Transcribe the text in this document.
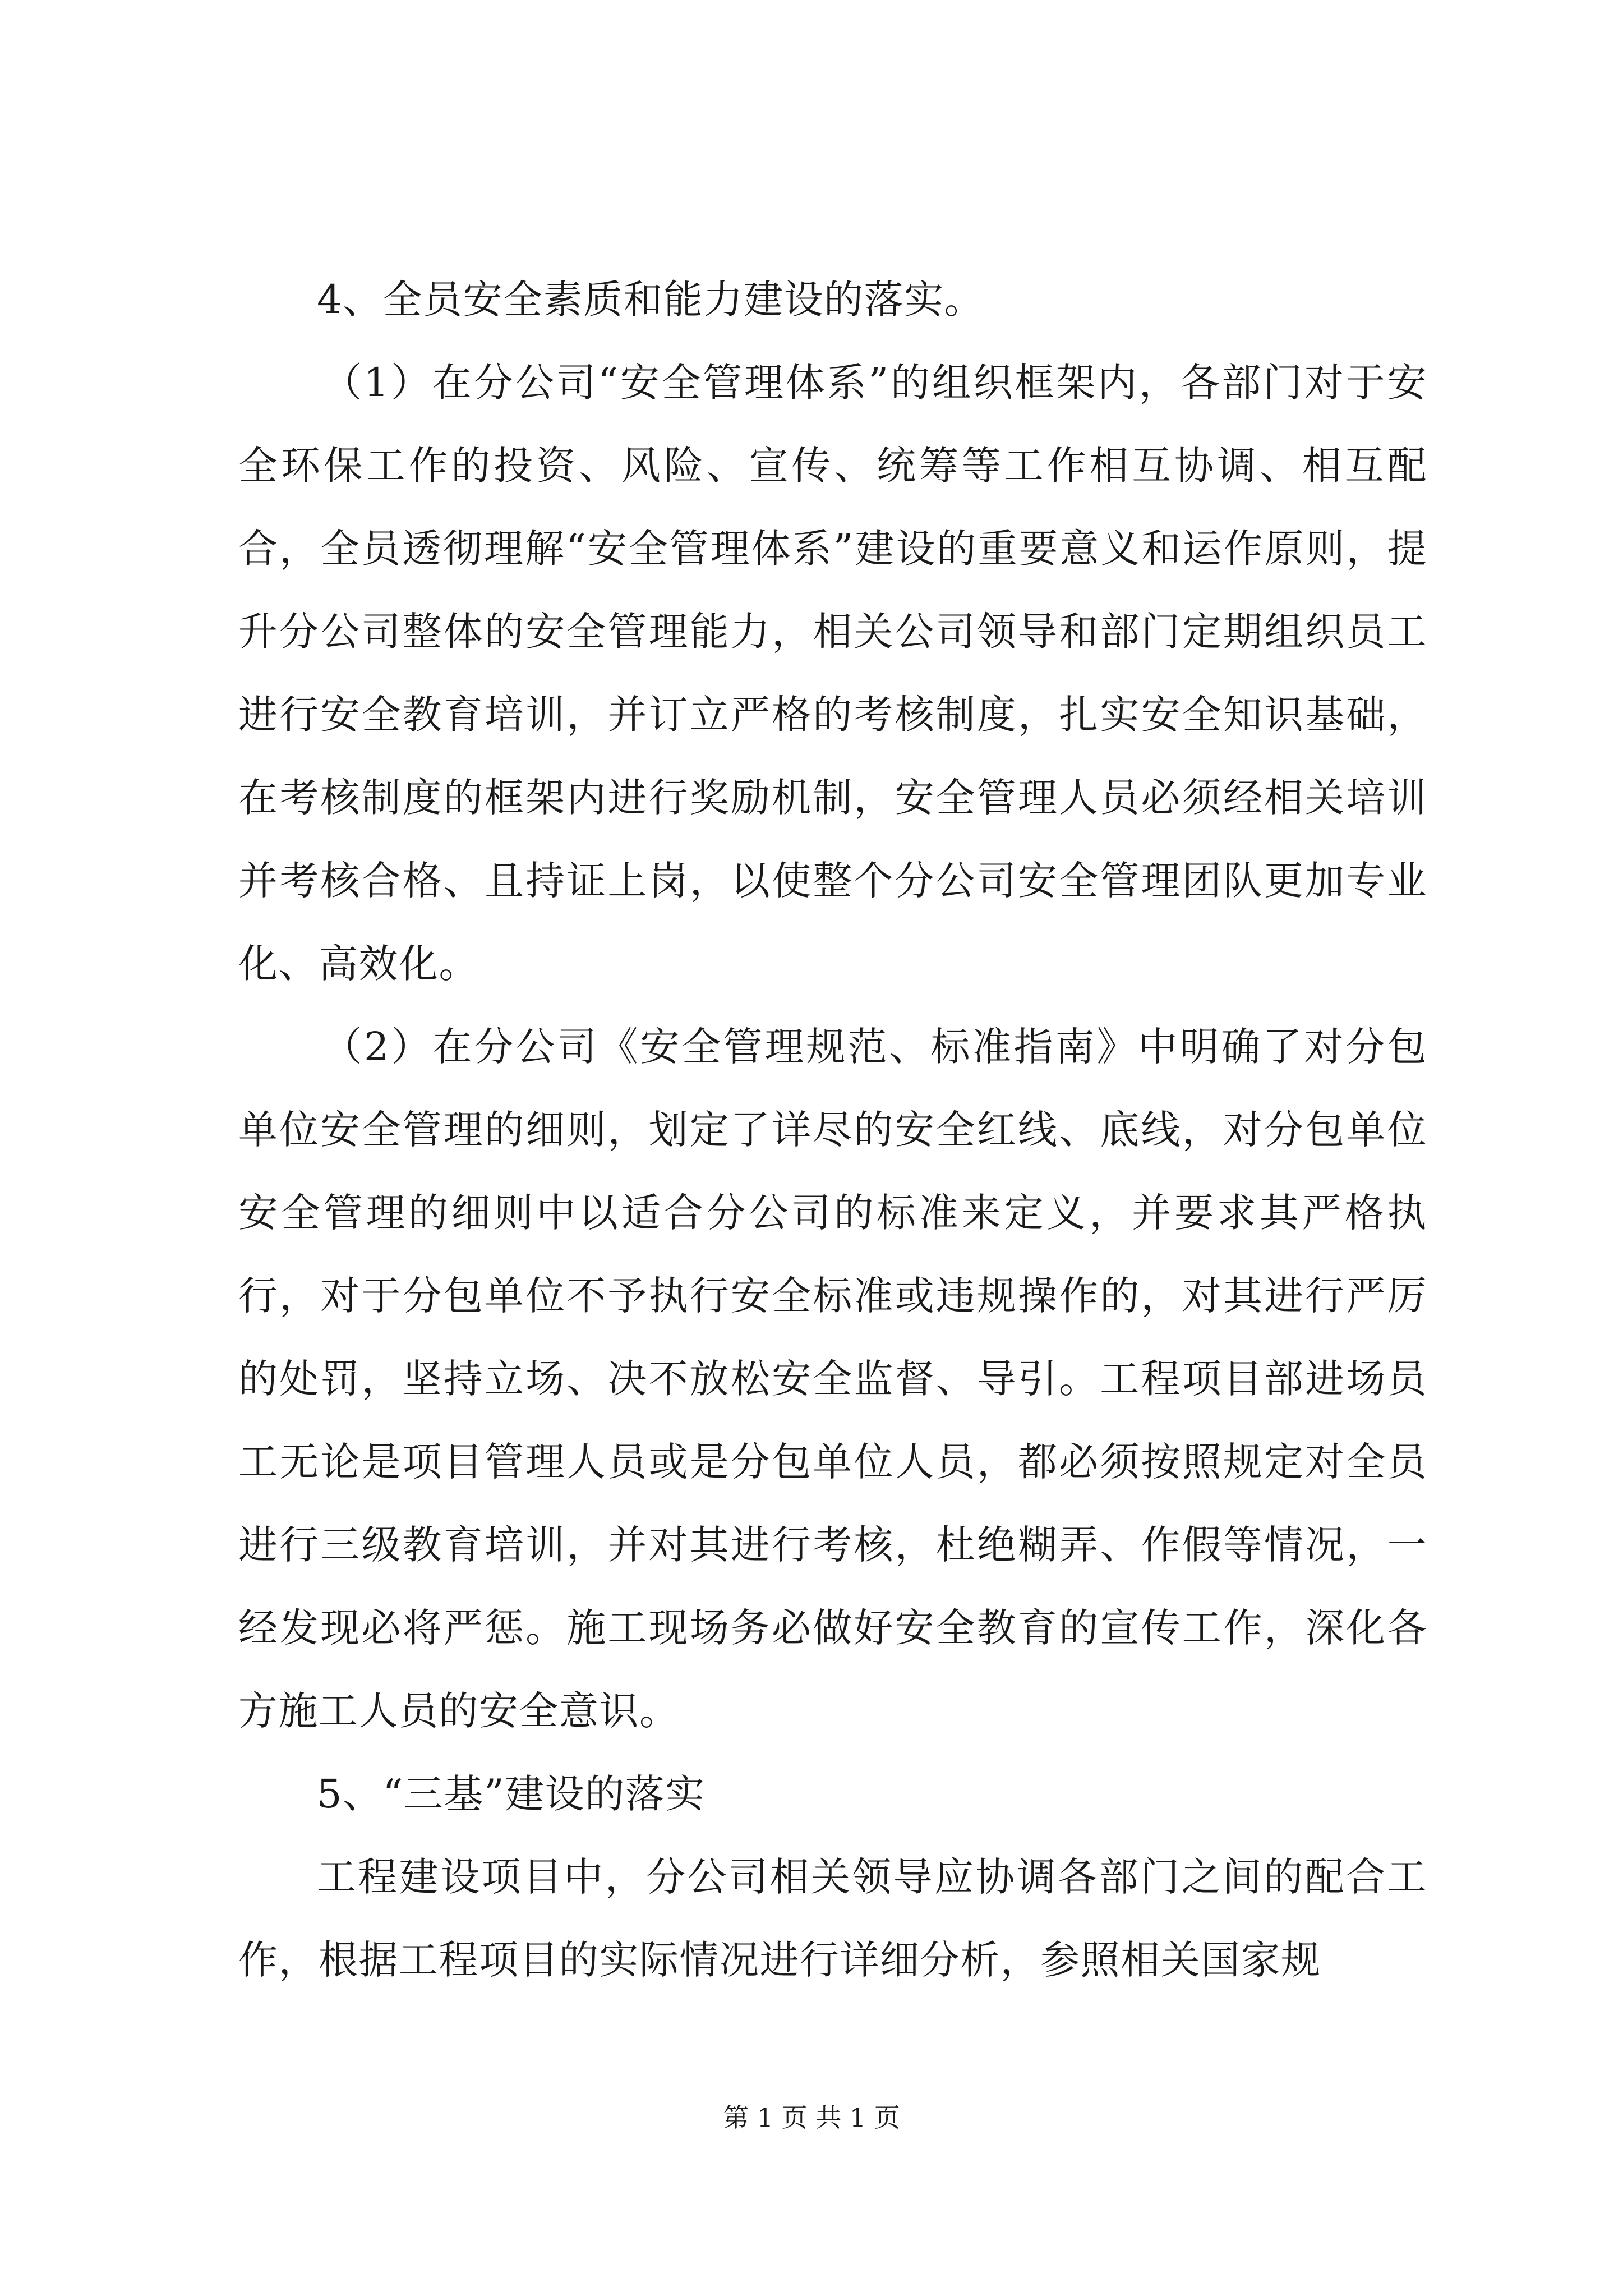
4、全员安全素质和能力建设的落实。

（1）在分公司“安全管理体系”的组织框架内，各部门对于安全环保工作的投资、风险、宣传、统筹等工作相互协调、相互配合，全员透彻理解“安全管理体系”建设的重要意义和运作原则，提升分公司整体的安全管理能力，相关公司领导和部门定期组织员工进行安全教育培训，并订立严格的考核制度，扎实安全知识基础，在考核制度的框架内进行奖励机制，安全管理人员必须经相关培训并考核合格、且持证上岗，以使整个分公司安全管理团队更加专业化、高效化。

（2）在分公司《安全管理规范、标准指南》中明确了对分包单位安全管理的细则，划定了详尽的安全红线、底线，对分包单位安全管理的细则中以适合分公司的标准来定义，并要求其严格执行，对于分包单位不予执行安全标准或违规操作的，对其进行严厉的处罚，坚持立场、决不放松安全监督、导引。工程项目部进场员工无论是项目管理人员或是分包单位人员，都必须按照规定对全员进行三级教育培训，并对其进行考核，杜绝糊弄、作假等情况，一经发现必将严惩。施工现场务必做好安全教育的宣传工作，深化各方施工人员的安全意识。

5、“三基”建设的落实

工程建设项目中，分公司相关领导应协调各部门之间的配合工作，根据工程项目的实际情况进行详细分析，参照相关国家规

第 1 页 共 1 页
